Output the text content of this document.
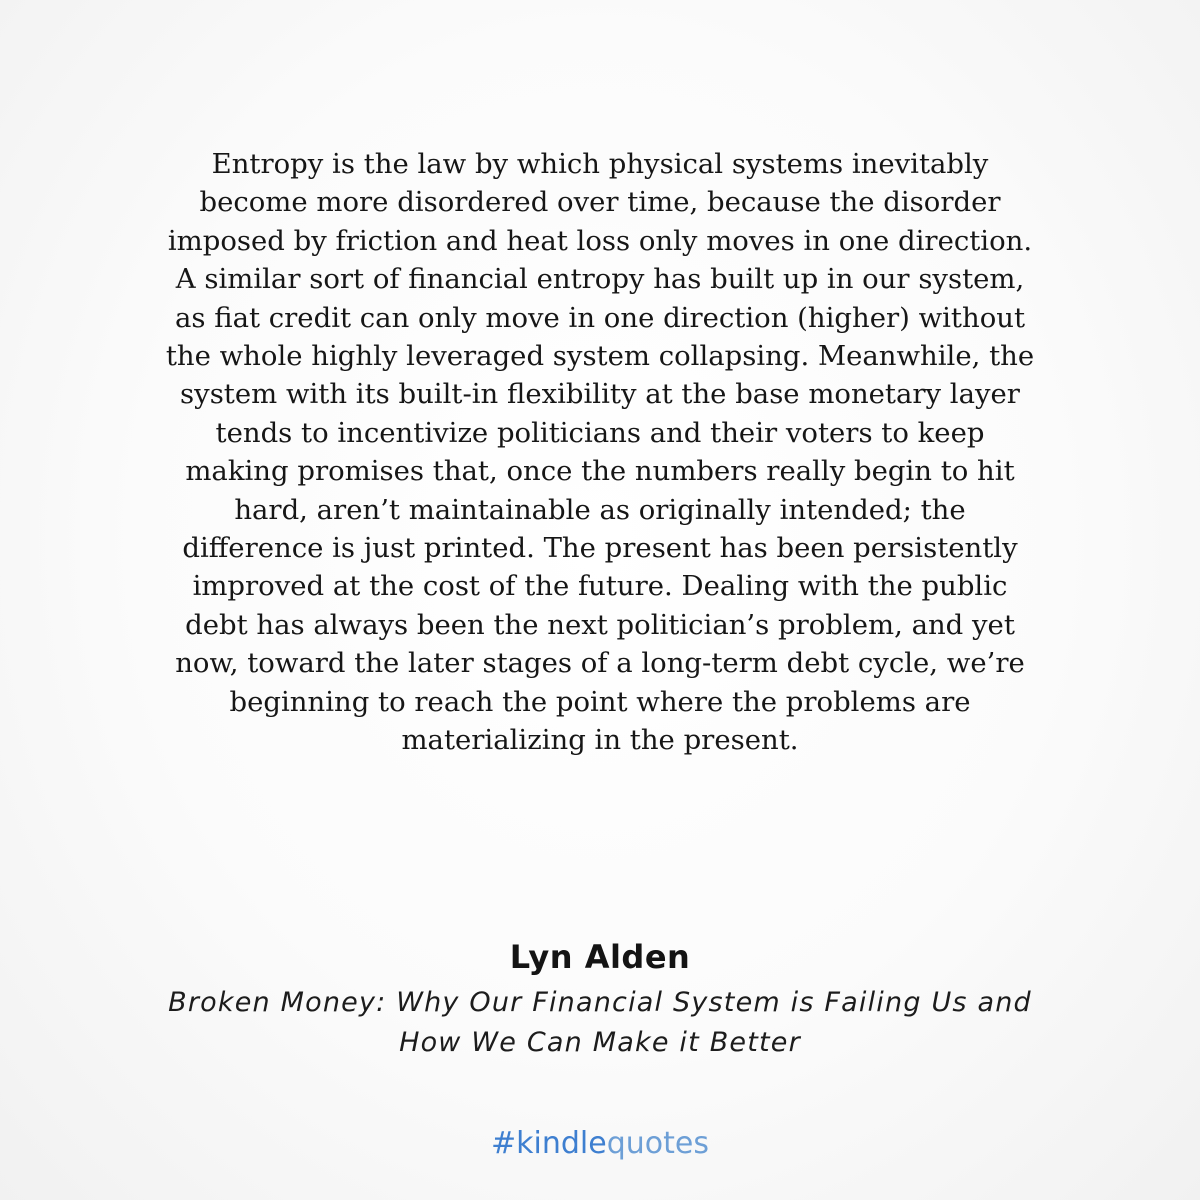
Entropy is the law by which physical systems inevitably
become more disordered over time, because the disorder
imposed by friction and heat loss only moves in one direction.
A similar sort of financial entropy has built up in our system,
as fiat credit can only move in one direction (higher) without
the whole highly leveraged system collapsing. Meanwhile, the
system with its built-in flexibility at the base monetary layer
tends to incentivize politicians and their voters to keep
making promises that, once the numbers really begin to hit
hard, aren’t maintainable as originally intended; the
difference is just printed. The present has been persistently
improved at the cost of the future. Dealing with the public
debt has always been the next politician’s problem, and yet
now, toward the later stages of a long-term debt cycle, we’re
beginning to reach the point where the problems are
materializing in the present.

Lyn Alden

Broken Money: Why Our Financial System is Failing Us and
How We Can Make it Better

#kindlequotes
